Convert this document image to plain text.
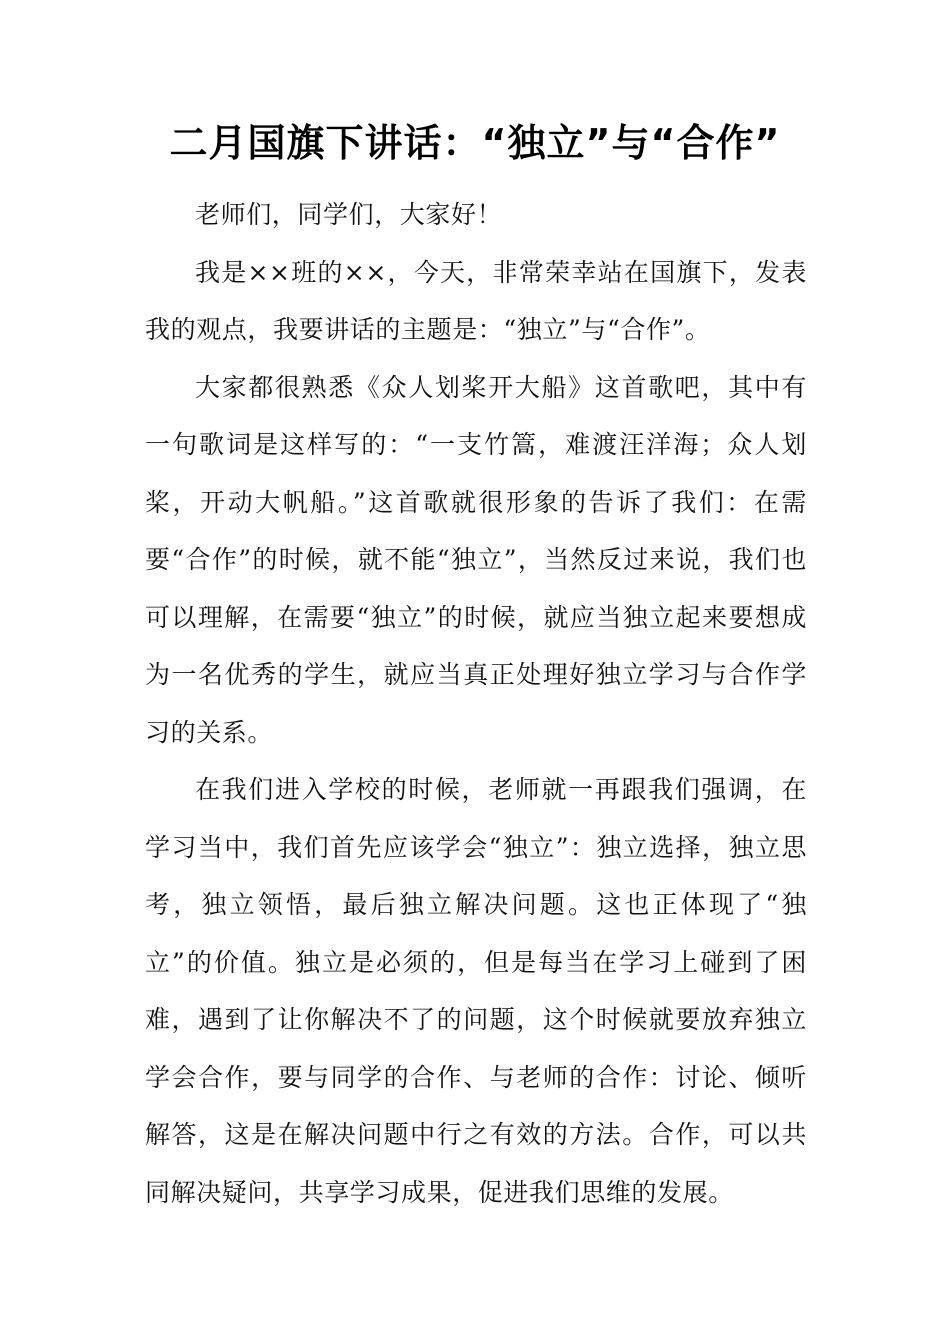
二月国旗下讲话：“独立”与“合作”

老师们，同学们，大家好！

我是××班的××，今天，非常荣幸站在国旗下，发表我的观点，我要讲话的主题是：“独立”与“合作”。

大家都很熟悉《众人划桨开大船》这首歌吧，其中有一句歌词是这样写的：“一支竹篙，难渡汪洋海；众人划桨，开动大帆船。”这首歌就很形象的告诉了我们：在需要“合作”的时候，就不能“独立”，当然反过来说，我们也可以理解，在需要“独立”的时候，就应当独立起来要想成为一名优秀的学生，就应当真正处理好独立学习与合作学习的关系。

在我们进入学校的时候，老师就一再跟我们强调，在学习当中，我们首先应该学会“独立”：独立选择，独立思考，独立领悟，最后独立解决问题。这也正体现了“独立”的价值。独立是必须的，但是每当在学习上碰到了困难，遇到了让你解决不了的问题，这个时候就要放弃独立学会合作，要与同学的合作、与老师的合作：讨论、倾听解答，这是在解决问题中行之有效的方法。合作，可以共同解决疑问，共享学习成果，促进我们思维的发展。
